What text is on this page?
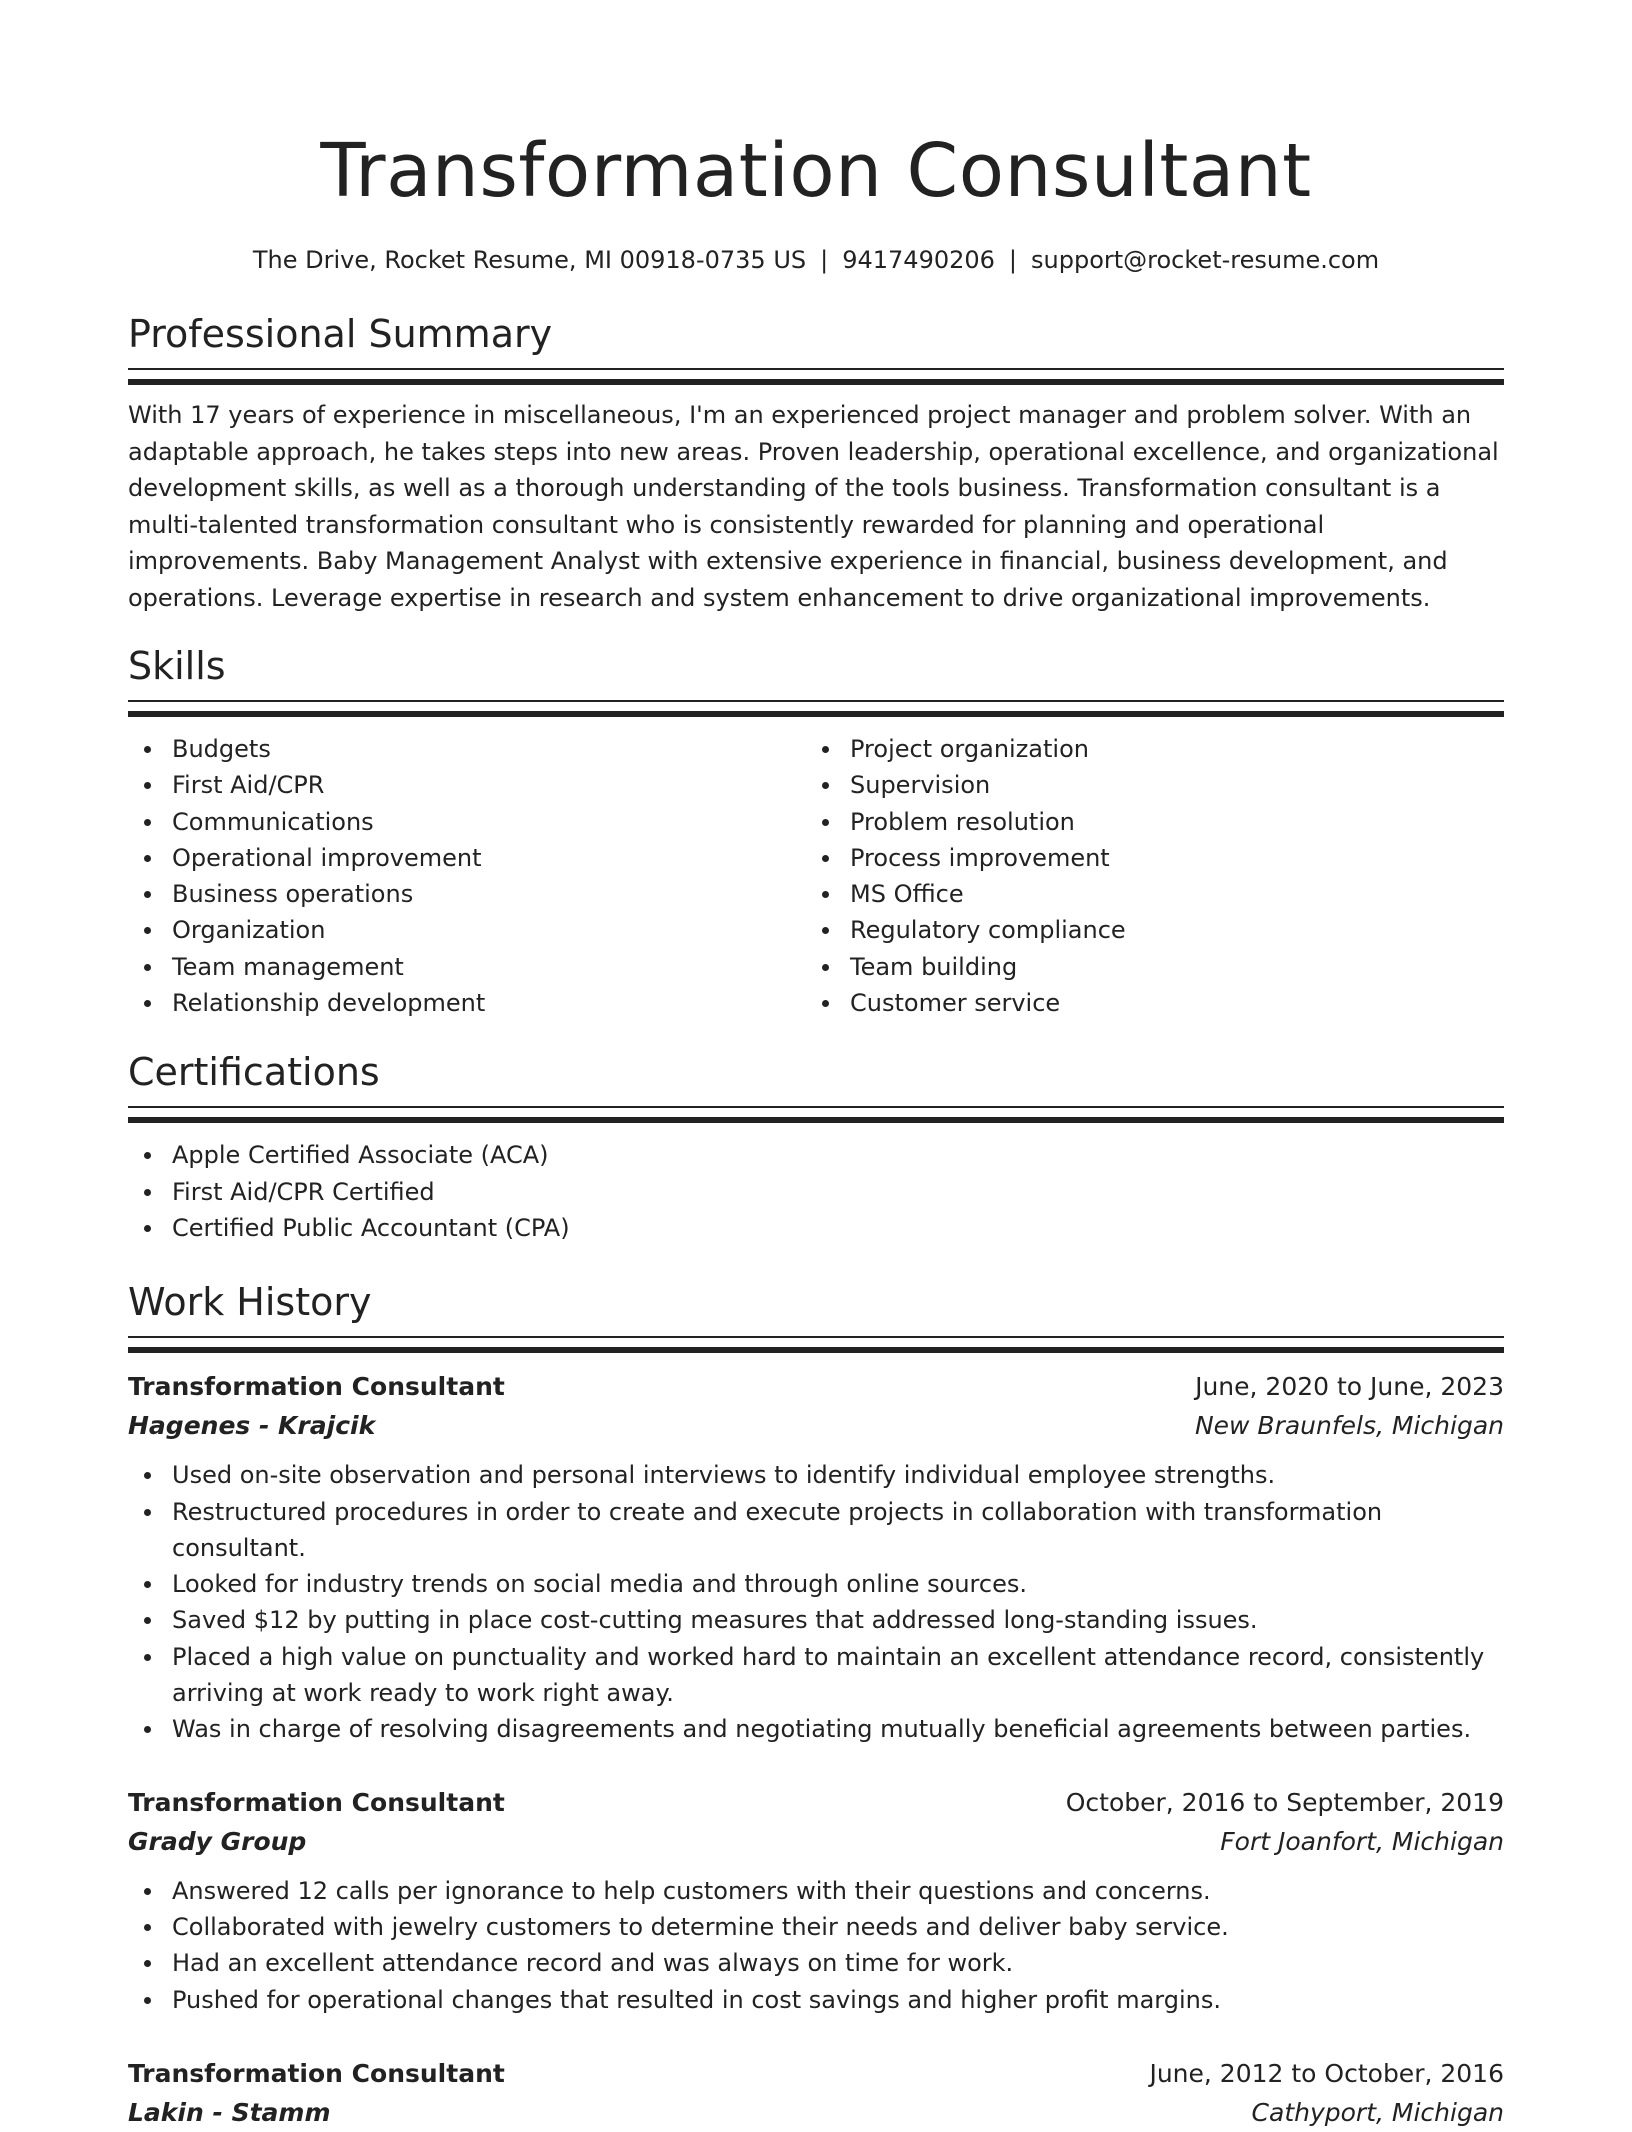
Transformation Consultant
The Drive, Rocket Resume, MI 00918-0735 US | 9417490206 | support@rocket-resume.com
Professional Summary
With 17 years of experience in miscellaneous, I'm an experienced project manager and problem solver. With an adaptable approach, he takes steps into new areas. Proven leadership, operational excellence, and organizational development skills, as well as a thorough understanding of the tools business. Transformation consultant is a multi-talented transformation consultant who is consistently rewarded for planning and operational improvements. Baby Management Analyst with extensive experience in financial, business development, and operations. Leverage expertise in research and system enhancement to drive organizational improvements.
Skills
Budgets
First Aid/CPR
Communications
Operational improvement
Business operations
Organization
Team management
Relationship development
Project organization
Supervision
Problem resolution
Process improvement
MS Office
Regulatory compliance
Team building
Customer service
Certifications
Apple Certified Associate (ACA)
First Aid/CPR Certified
Certified Public Accountant (CPA)
Work History
Transformation Consultant	June, 2020 to June, 2023
Hagenes - Krajcik	New Braunfels, Michigan
Used on-site observation and personal interviews to identify individual employee strengths.
Restructured procedures in order to create and execute projects in collaboration with transformation consultant.
Looked for industry trends on social media and through online sources.
Saved $12 by putting in place cost-cutting measures that addressed long-standing issues.
Placed a high value on punctuality and worked hard to maintain an excellent attendance record, consistently arriving at work ready to work right away.
Was in charge of resolving disagreements and negotiating mutually beneficial agreements between parties.
Transformation Consultant	October, 2016 to September, 2019
Grady Group	Fort Joanfort, Michigan
Answered 12 calls per ignorance to help customers with their questions and concerns.
Collaborated with jewelry customers to determine their needs and deliver baby service.
Had an excellent attendance record and was always on time for work.
Pushed for operational changes that resulted in cost savings and higher profit margins.
Transformation Consultant	June, 2012 to October, 2016
Lakin - Stamm	Cathyport, Michigan
